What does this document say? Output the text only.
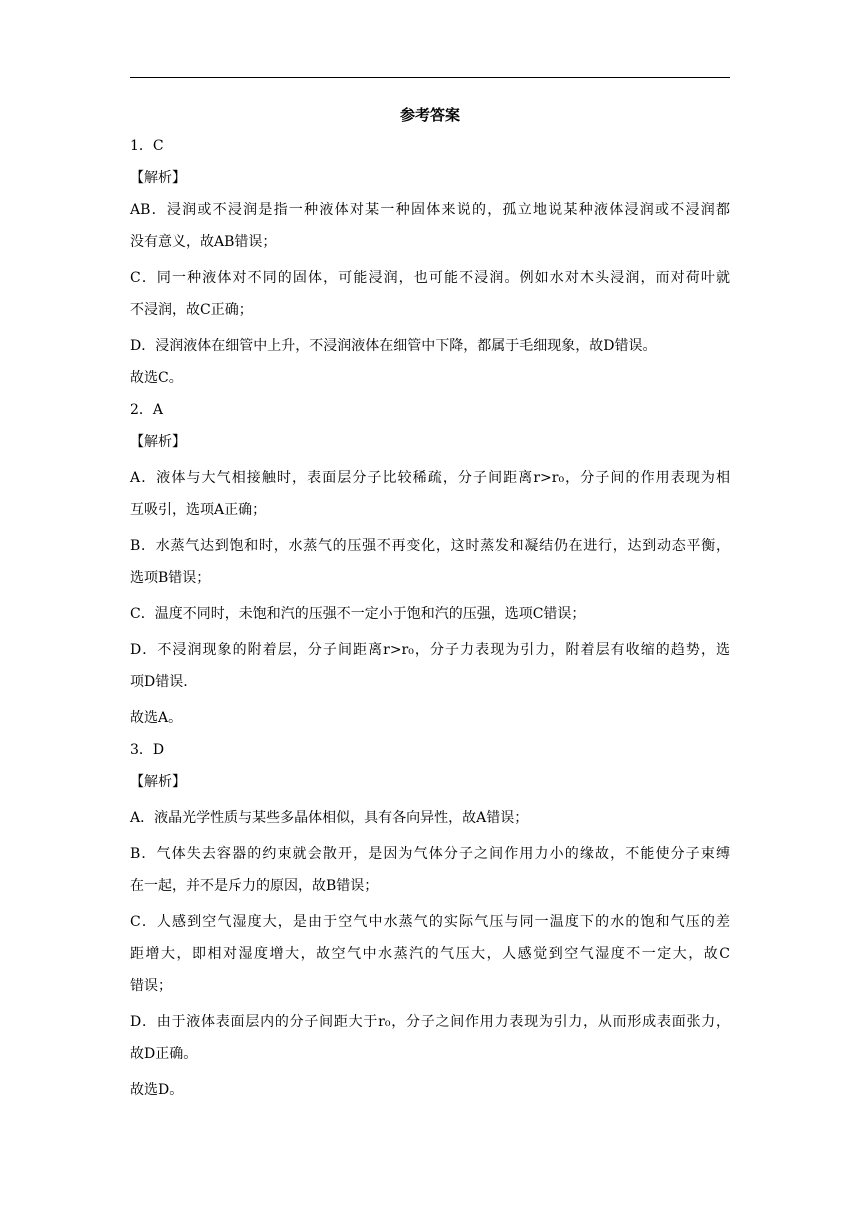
参考答案
1．C
【解析】
AB．浸润或不浸润是指一种液体对某一种固体来说的，孤立地说某种液体浸润或不浸润都
没有意义，故AB错误；
C．同一种液体对不同的固体，可能浸润，也可能不浸润。例如水对木头浸润，而对荷叶就
不浸润，故C正确；
D．浸润液体在细管中上升，不浸润液体在细管中下降，都属于毛细现象，故D错误。
故选C。
2．A
【解析】
A．液体与大气相接触时，表面层分子比较稀疏，分子间距离r>r₀，分子间的作用表现为相
互吸引，选项A正确；
B．水蒸气达到饱和时，水蒸气的压强不再变化，这时蒸发和凝结仍在进行，达到动态平衡，
选项B错误；
C．温度不同时，未饱和汽的压强不一定小于饱和汽的压强，选项C错误；
D．不浸润现象的附着层，分子间距离r>r₀，分子力表现为引力，附着层有收缩的趋势，选
项D错误.
故选A。
3．D
【解析】
A．液晶光学性质与某些多晶体相似，具有各向异性，故A错误；
B．气体失去容器的约束就会散开，是因为气体分子之间作用力小的缘故，不能使分子束缚
在一起，并不是斥力的原因，故B错误；
C．人感到空气湿度大，是由于空气中水蒸气的实际气压与同一温度下的水的饱和气压的差
距增大，即相对湿度增大，故空气中水蒸汽的气压大，人感觉到空气湿度不一定大，故C
错误；
D．由于液体表面层内的分子间距大于r₀，分子之间作用力表现为引力，从而形成表面张力，
故D正确。
故选D。
